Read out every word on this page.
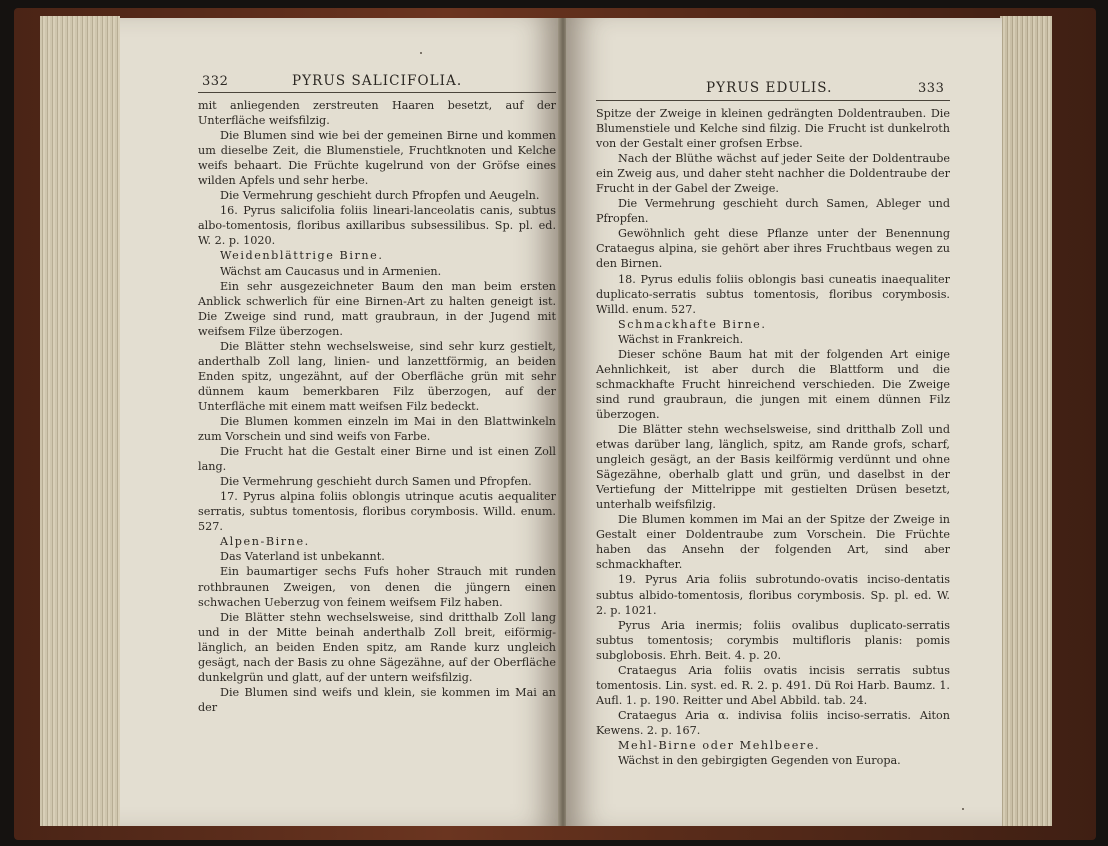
332	PYRUS SALICIFOLIA.

mit anliegenden zerstreuten Haaren besetzt, auf der Unterfläche weifsfilzig.

Die Blumen sind wie bei der gemeinen Birne und kommen um dieselbe Zeit, die Blumenstiele, Fruchtknoten und Kelche weifs behaart. Die Früchte kugelrund von der Gröfse eines wilden Apfels und sehr herbe.

Die Vermehrung geschieht durch Pfropfen und Aeugeln.

16. Pyrus salicifolia foliis lineari-lanceolatis canis, subtus albo-tomentosis, floribus axillaribus subsessilibus. Sp. pl. ed. W. 2. p. 1020.

Weidenblättrige Birne.

Wächst am Caucasus und in Armenien.

Ein sehr ausgezeichneter Baum den man beim ersten Anblick schwerlich für eine Birnen-Art zu halten geneigt ist. Die Zweige sind rund, matt graubraun, in der Jugend mit weifsem Filze überzogen.

Die Blätter stehn wechselsweise, sind sehr kurz gestielt, anderthalb Zoll lang, linien- und lanzettförmig, an beiden Enden spitz, ungezähnt, auf der Oberfläche grün mit sehr dünnem kaum bemerkbaren Filz überzogen, auf der Unterfläche mit einem matt weifsen Filz bedeckt.

Die Blumen kommen einzeln im Mai in den Blattwinkeln zum Vorschein und sind weifs von Farbe.

Die Frucht hat die Gestalt einer Birne und ist einen Zoll lang.

Die Vermehrung geschieht durch Samen und Pfropfen.

17. Pyrus alpina foliis oblongis utrinque acutis aequaliter serratis, subtus tomentosis, floribus corymbosis. Willd. enum. 527.

Alpen-Birne.

Das Vaterland ist unbekannt.

Ein baumartiger sechs Fufs hoher Strauch mit runden rothbraunen Zweigen, von denen die jüngern einen schwachen Ueberzug von feinem weifsem Filz haben.

Die Blätter stehn wechselsweise, sind dritthalb Zoll lang und in der Mitte beinah anderthalb Zoll breit, eiförmig-länglich, an beiden Enden spitz, am Rande kurz ungleich gesägt, nach der Basis zu ohne Sägezähne, auf der Oberfläche dunkelgrün und glatt, auf der untern weifsfilzig.

Die Blumen sind weifs und klein, sie kommen im Mai an der

PYRUS EDULIS.	333

Spitze der Zweige in kleinen gedrängten Doldentrauben. Die Blumenstiele und Kelche sind filzig. Die Frucht ist dunkelroth von der Gestalt einer grofsen Erbse.

Nach der Blüthe wächst auf jeder Seite der Doldentraube ein Zweig aus, und daher steht nachher die Doldentraube der Frucht in der Gabel der Zweige.

Die Vermehrung geschieht durch Samen, Ableger und Pfropfen.

Gewöhnlich geht diese Pflanze unter der Benennung Crataegus alpina, sie gehört aber ihres Fruchtbaus wegen zu den Birnen.

18. Pyrus edulis foliis oblongis basi cuneatis inaequaliter duplicato-serratis subtus tomentosis, floribus corymbosis. Willd. enum. 527.

Schmackhafte Birne.

Wächst in Frankreich.

Dieser schöne Baum hat mit der folgenden Art einige Aehnlichkeit, ist aber durch die Blattform und die schmackhafte Frucht hinreichend verschieden. Die Zweige sind rund graubraun, die jungen mit einem dünnen Filz überzogen.

Die Blätter stehn wechselsweise, sind dritthalb Zoll und etwas darüber lang, länglich, spitz, am Rande grofs, scharf, ungleich gesägt, an der Basis keilförmig verdünnt und ohne Sägezähne, oberhalb glatt und grün, und daselbst in der Vertiefung der Mittelrippe mit gestielten Drüsen besetzt, unterhalb weifsfilzig.

Die Blumen kommen im Mai an der Spitze der Zweige in Gestalt einer Doldentraube zum Vorschein. Die Früchte haben das Ansehn der folgenden Art, sind aber schmackhafter.

19. Pyrus Aria foliis subrotundo-ovatis inciso-dentatis subtus albido-tomentosis, floribus corymbosis. Sp. pl. ed. W. 2. p. 1021.

Pyrus Aria inermis; foliis ovalibus duplicato-serratis subtus tomentosis; corymbis multifloris planis: pomis subglobosis. Ehrh. Beit. 4. p. 20.

Crataegus Aria foliis ovatis incisis serratis subtus tomentosis. Lin. syst. ed. R. 2. p. 491. Dü Roi Harb. Baumz. 1. Aufl. 1. p. 190. Reitter und Abel Abbild. tab. 24.

Crataegus Aria α. indivisa foliis inciso-serratis. Aiton Kewens. 2. p. 167.

Mehl-Birne oder Mehlbeere.

Wächst in den gebirgigten Gegenden von Europa.
